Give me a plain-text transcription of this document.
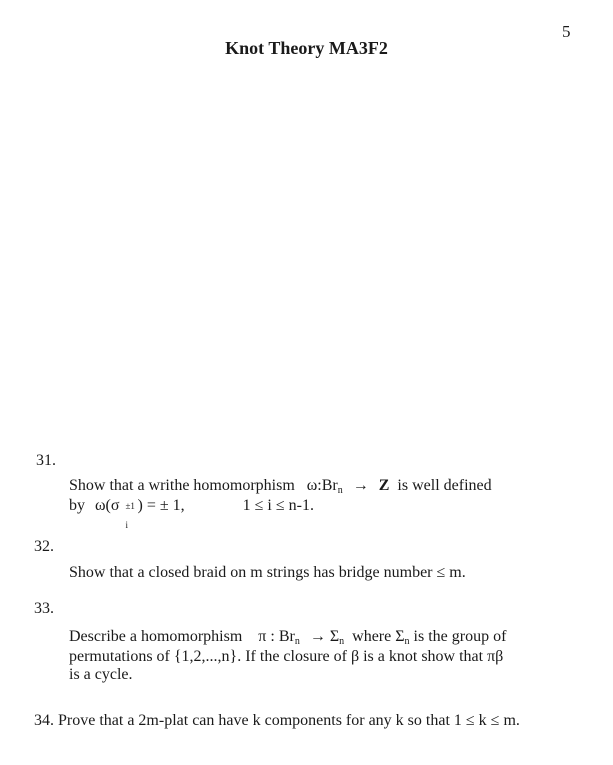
5
Knot Theory MA3F2
31.
Show that a writhe homomorphism $\omega:Br_n \to Z$ is well defined
by ω(σ ±1
i
) = ± 1,	1 ≤ i ≤ n-1.
32.
Show that a closed braid on m strings has bridge number ≤ m.
33.
Describe a homomorphism π : $Br_n \to \Sigma_n$ where $\Sigma_n$ is the group of
permutations of {1,2,...,n}. If the closure of β is a knot show that πβ
is a cycle.
34. Prove that a 2m-plat can have k components for any k so that 1 ≤ k ≤ m.
